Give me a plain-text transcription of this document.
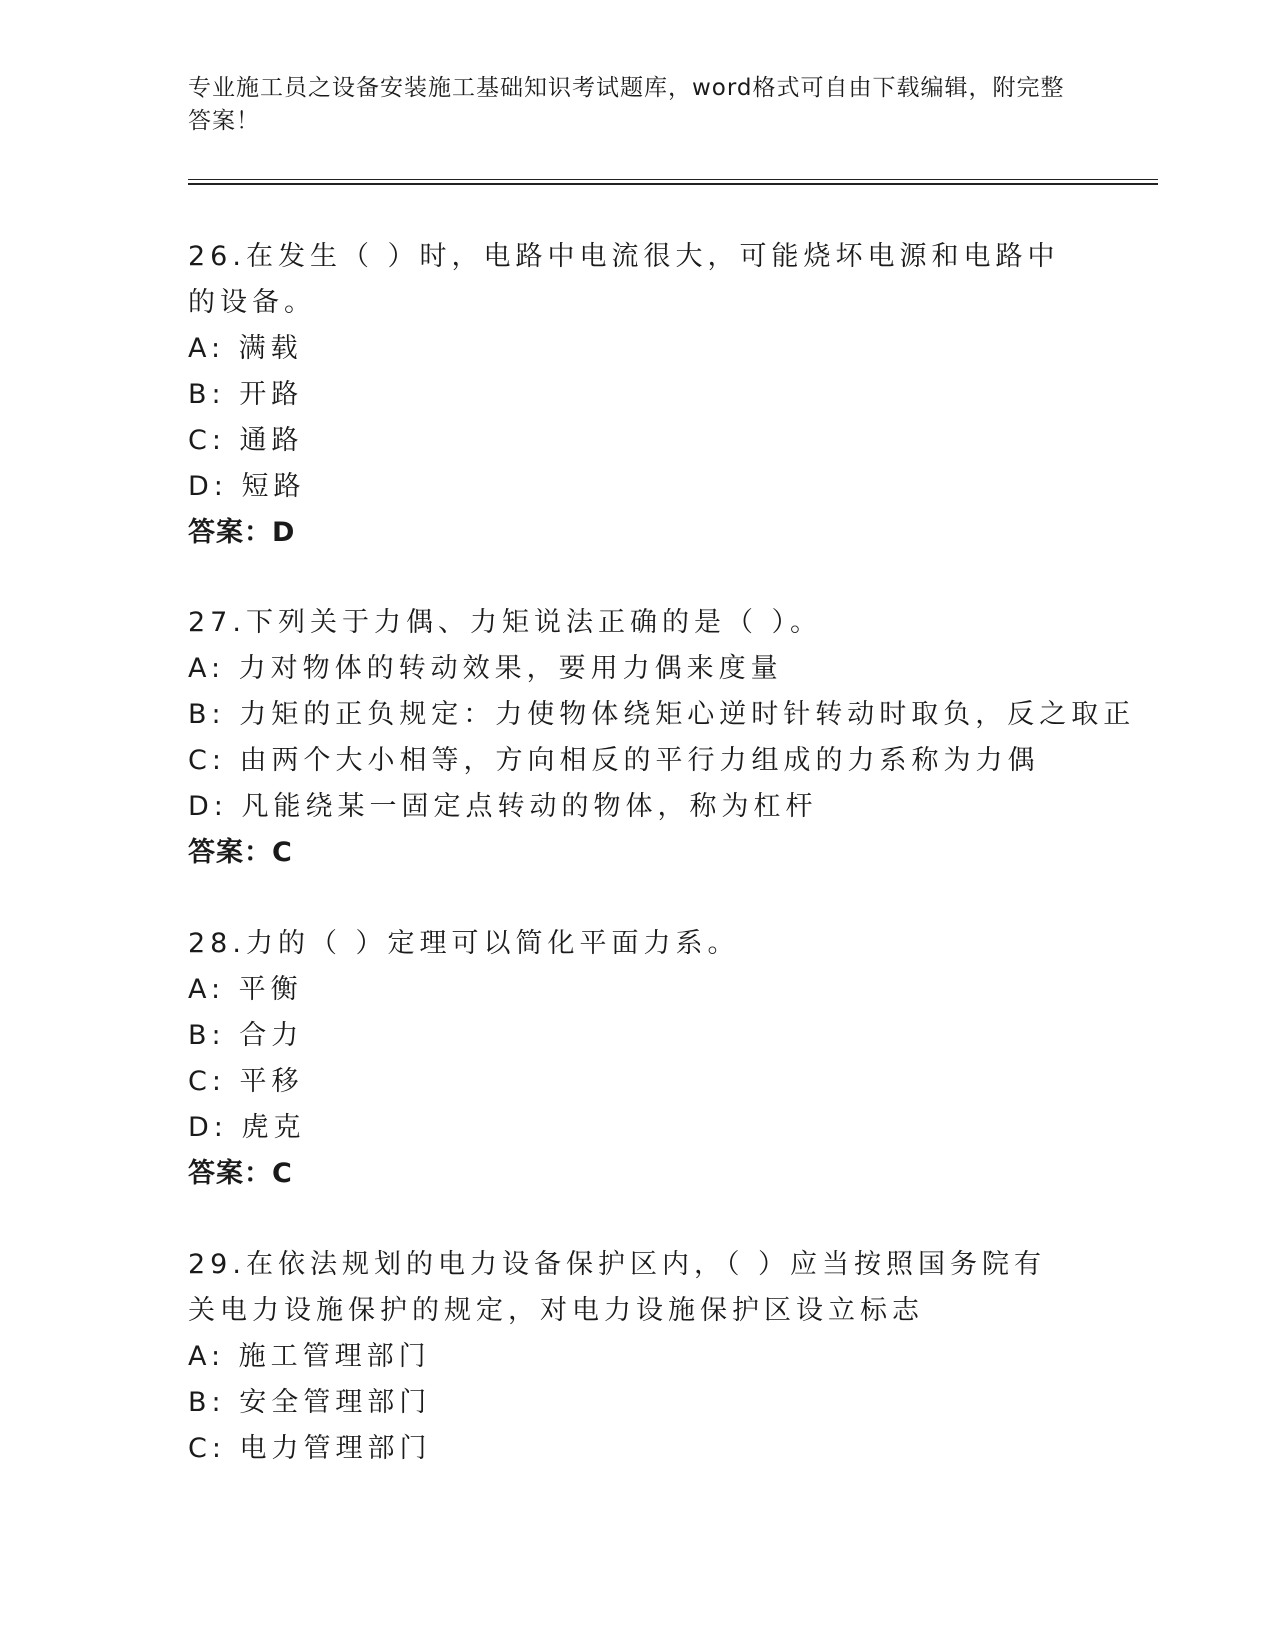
专业施工员之设备安装施工基础知识考试题库，word格式可自由下载编辑，附完整答案！

26.在发生（ ）时，电路中电流很大，可能烧坏电源和电路中的设备。

A: 满载

B: 开路

C: 通路

D: 短路

答案：D

27.下列关于力偶、力矩说法正确的是（ ）。

A: 力对物体的转动效果，要用力偶来度量

B: 力矩的正负规定：力使物体绕矩心逆时针转动时取负，反之取正

C: 由两个大小相等，方向相反的平行力组成的力系称为力偶

D: 凡能绕某一固定点转动的物体，称为杠杆

答案：C

28.力的（ ）定理可以简化平面力系。

A: 平衡

B: 合力

C: 平移

D: 虎克

答案：C

29.在依法规划的电力设备保护区内，（ ）应当按照国务院有关电力设施保护的规定，对电力设施保护区设立标志

A: 施工管理部门

B: 安全管理部门

C: 电力管理部门
